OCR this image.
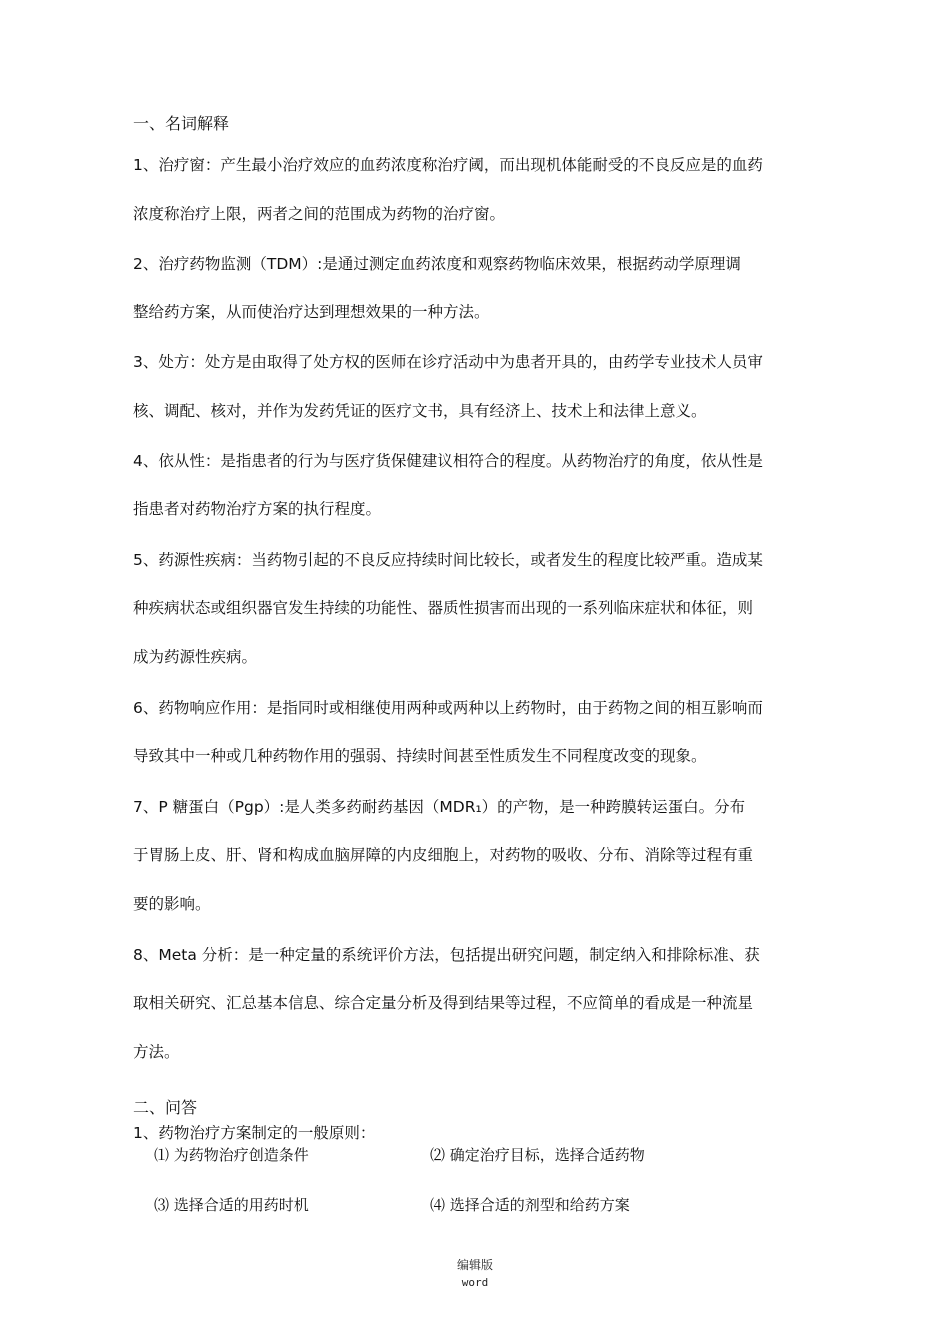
一、名词解释
1、治疗窗：产生最小治疗效应的血药浓度称治疗阈，而出现机体能耐受的不良反应是的血药
浓度称治疗上限，两者之间的范围成为药物的治疗窗。
2、治疗药物监测（TDM）:是通过测定血药浓度和观察药物临床效果，根据药动学原理调
整给药方案，从而使治疗达到理想效果的一种方法。
3、处方：处方是由取得了处方权的医师在诊疗活动中为患者开具的，由药学专业技术人员审
核、调配、核对，并作为发药凭证的医疗文书，具有经济上、技术上和法律上意义。
4、依从性：是指患者的行为与医疗货保健建议相符合的程度。从药物治疗的角度，依从性是
指患者对药物治疗方案的执行程度。
5、药源性疾病：当药物引起的不良反应持续时间比较长，或者发生的程度比较严重。造成某
种疾病状态或组织器官发生持续的功能性、器质性损害而出现的一系列临床症状和体征，则
成为药源性疾病。
6、药物响应作用：是指同时或相继使用两种或两种以上药物时，由于药物之间的相互影响而
导致其中一种或几种药物作用的强弱、持续时间甚至性质发生不同程度改变的现象。
7、P 糖蛋白（Pgp）:是人类多药耐药基因（MDR₁）的产物，是一种跨膜转运蛋白。分布
于胃肠上皮、肝、肾和构成血脑屏障的内皮细胞上，对药物的吸收、分布、消除等过程有重
要的影响。
8、Meta 分析：是一种定量的系统评价方法，包括提出研究问题，制定纳入和排除标准、获
取相关研究、汇总基本信息、综合定量分析及得到结果等过程，不应简单的看成是一种流星
方法。
二、问答
1、药物治疗方案制定的一般原则：
⑴ 为药物治疗创造条件	⑵ 确定治疗目标，选择合适药物
⑶ 选择合适的用药时机	⑷ 选择合适的剂型和给药方案
编辑版
word
